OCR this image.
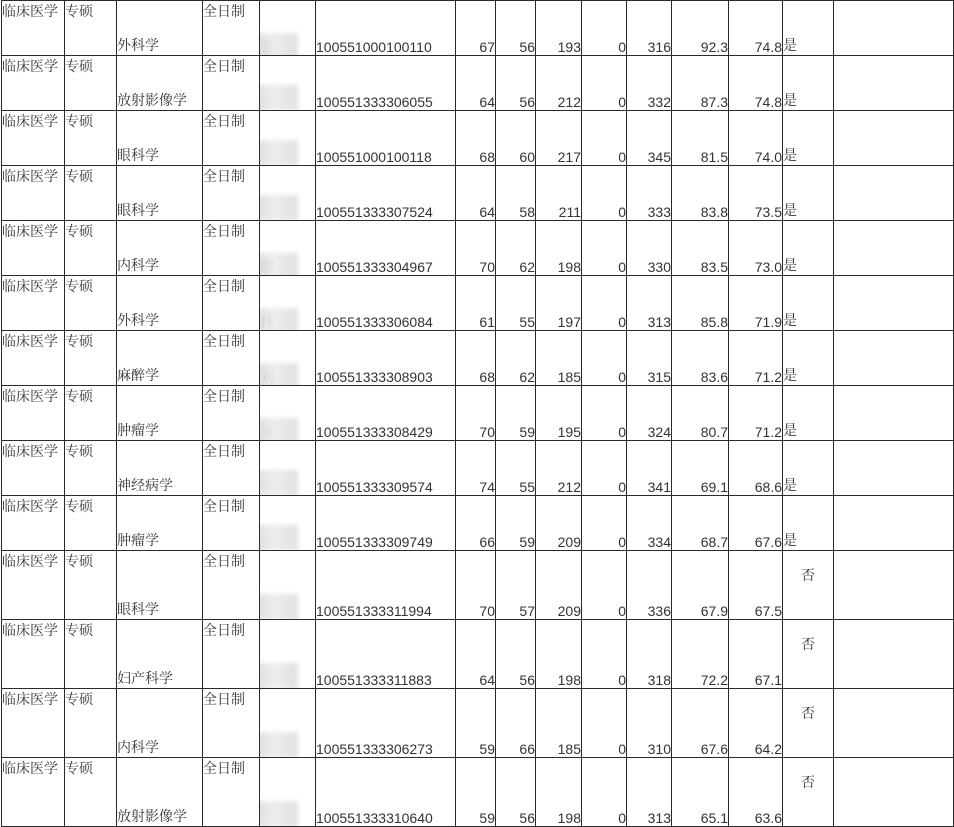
临床医学	专硕	外科学	全日制		100551000100110	67	56	193	0	316	92.3	74.8	是	
临床医学	专硕	放射影像学	全日制		100551333306055	64	56	212	0	332	87.3	74.8	是	
临床医学	专硕	眼科学	全日制		100551000100118	68	60	217	0	345	81.5	74.0	是	
临床医学	专硕	眼科学	全日制		100551333307524	64	58	211	0	333	83.8	73.5	是	
临床医学	专硕	内科学	全日制		100551333304967	70	62	198	0	330	83.5	73.0	是	
临床医学	专硕	外科学	全日制		100551333306084	61	55	197	0	313	85.8	71.9	是	
临床医学	专硕	麻醉学	全日制		100551333308903	68	62	185	0	315	83.6	71.2	是	
临床医学	专硕	肿瘤学	全日制		100551333308429	70	59	195	0	324	80.7	71.2	是	
临床医学	专硕	神经病学	全日制		100551333309574	74	55	212	0	341	69.1	68.6	是	
临床医学	专硕	肿瘤学	全日制		100551333309749	66	59	209	0	334	68.7	67.6	是	
临床医学	专硕	眼科学	全日制		100551333311994	70	57	209	0	336	67.9	67.5	否	
临床医学	专硕	妇产科学	全日制		100551333311883	64	56	198	0	318	72.2	67.1	否	
临床医学	专硕	内科学	全日制		100551333306273	59	66	185	0	310	67.6	64.2	否	
临床医学	专硕	放射影像学	全日制		100551333310640	59	56	198	0	313	65.1	63.6	否	
